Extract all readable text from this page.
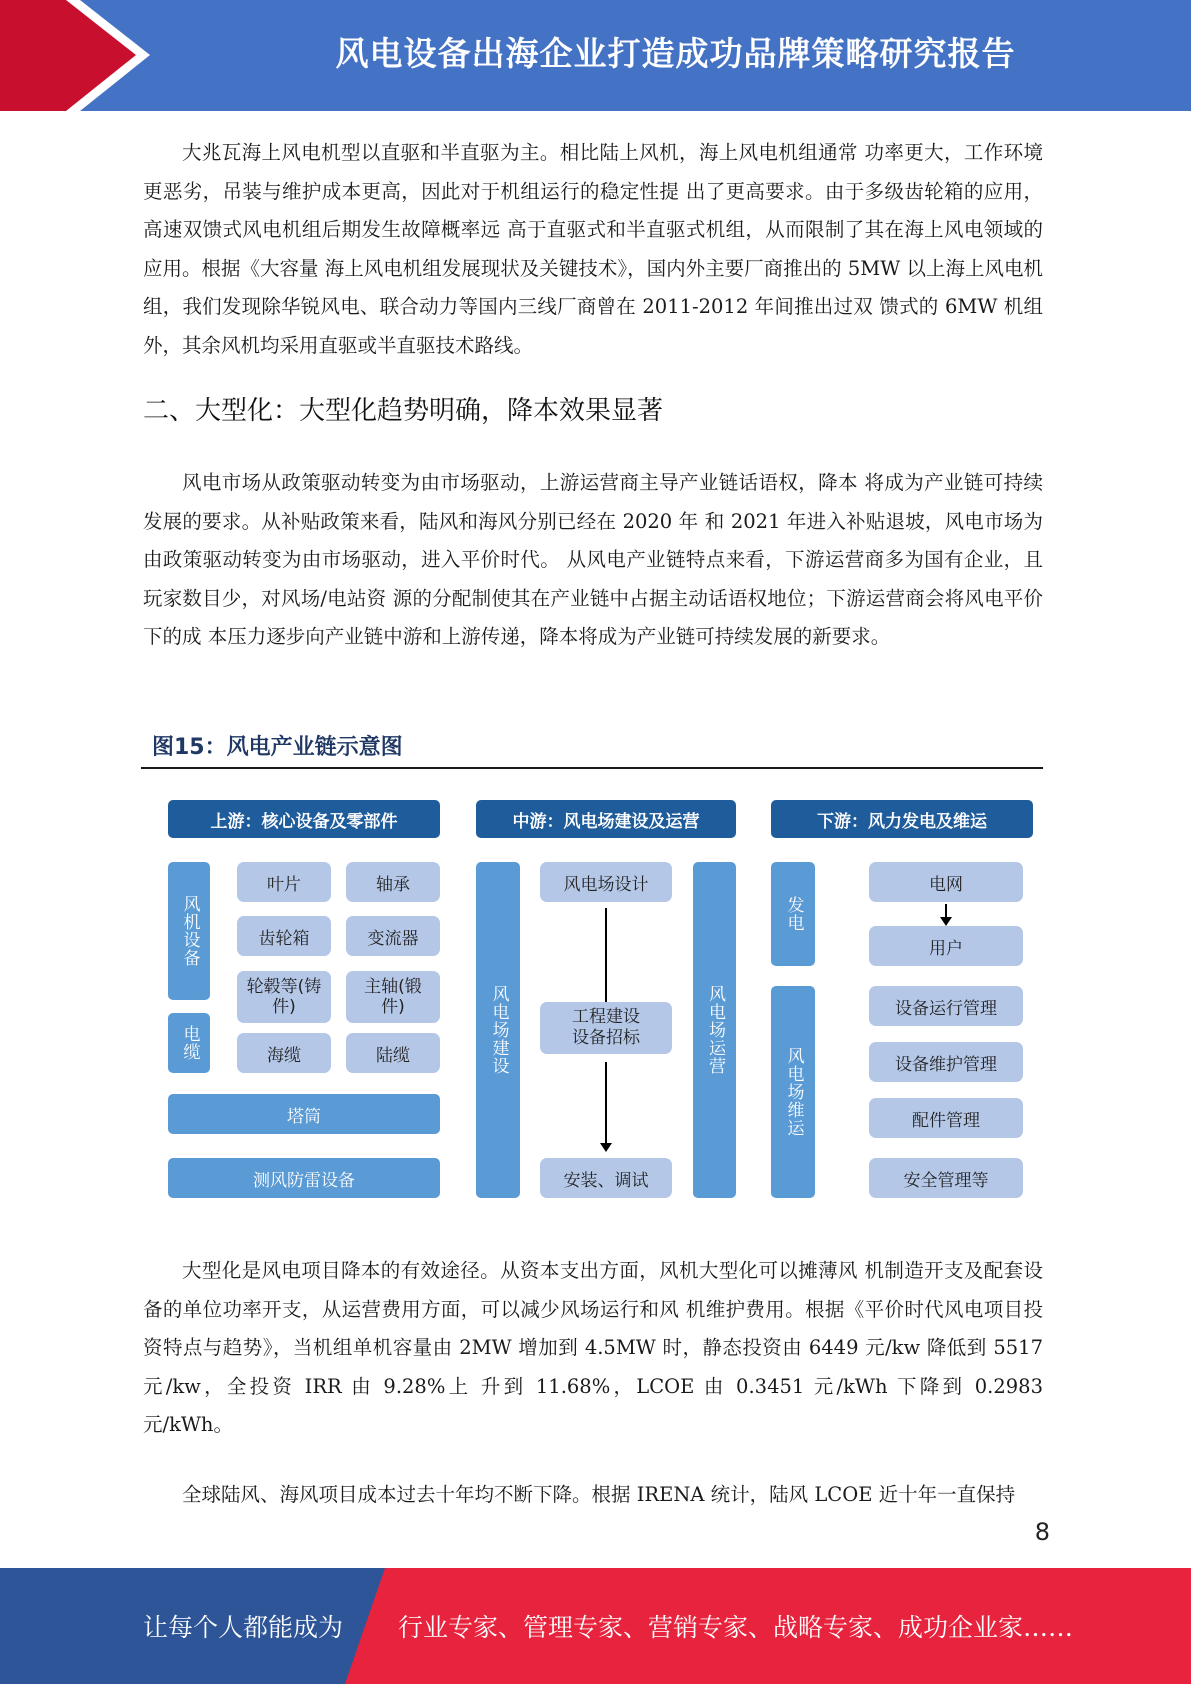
风电设备出海企业打造成功品牌策略研究报告

大兆瓦海上风电机型以直驱和半直驱为主。相比陆上风机，海上风电机组通常 功率更大，工作环境更恶劣，吊装与维护成本更高，因此对于机组运行的稳定性提 出了更高要求。由于多级齿轮箱的应用，高速双馈式风电机组后期发生故障概率远 高于直驱式和半直驱式机组，从而限制了其在海上风电领域的应用。根据《大容量 海上风电机组发展现状及关键技术》，国内外主要厂商推出的 5MW 以上海上风电机 组，我们发现除华锐风电、联合动力等国内三线厂商曾在 2011-2012 年间推出过双 馈式的 6MW 机组外，其余风机均采用直驱或半直驱技术路线。

二、大型化：大型化趋势明确，降本效果显著

风电市场从政策驱动转变为由市场驱动，上游运营商主导产业链话语权，降本 将成为产业链可持续发展的要求。从补贴政策来看，陆风和海风分别已经在 2020 年 和 2021 年进入补贴退坡，风电市场为由政策驱动转变为由市场驱动，进入平价时代。 从风电产业链特点来看，下游运营商多为国有企业，且玩家数目少，对风场/电站资 源的分配制使其在产业链中占据主动话语权地位；下游运营商会将风电平价下的成 本压力逐步向产业链中游和上游传递，降本将成为产业链可持续发展的新要求。

图15：风电产业链示意图
上游：核心设备及零部件	中游：风电场建设及运营	下游：风力发电及维运
风机设备
电缆
叶片	轴承
齿轮箱	变流器
轮毂等(铸件)
主轴(锻件)
海缆	陆缆
塔筒
测风防雷设备
风电场建设	风电场运营
风电场设计
工程建设 设备招标
安装、调试
发电
风电场维运
电网
用户
设备运行管理
设备维护管理
配件管理
安全管理等

大型化是风电项目降本的有效途径。从资本支出方面，风机大型化可以摊薄风 机制造开支及配套设备的单位功率开支，从运营费用方面，可以减少风场运行和风 机维护费用。根据《平价时代风电项目投资特点与趋势》，当机组单机容量由 2MW 增加到 4.5MW 时，静态投资由 6449 元/kw 降低到 5517 元/kw，全投资 IRR 由 9.28%上 升到 11.68%，LCOE 由 0.3451 元/kWh 下降到 0.2983 元/kWh。

全球陆风、海风项目成本过去十年均不断下降。根据 IRENA 统计，陆风 LCOE 近十年一直保持

8
让每个人都能成为 行业专家、管理专家、营销专家、战略专家、成功企业家……
